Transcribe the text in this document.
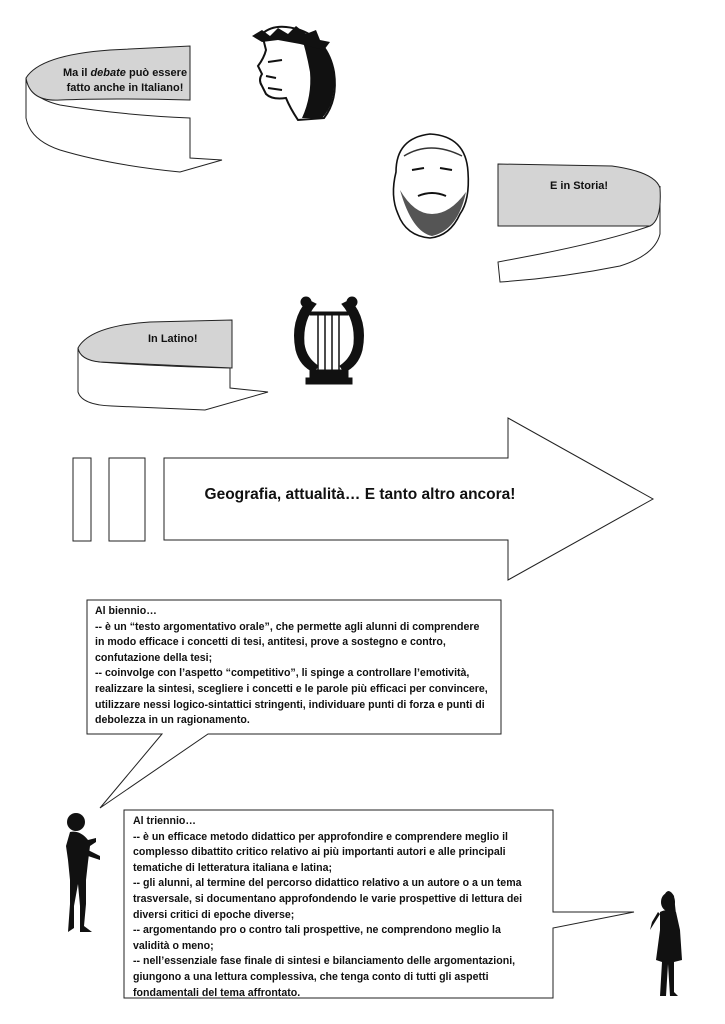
Ma il debate può essere
fatto anche in Italiano!
E in Storia!
In Latino!
Geografia, attualità… E tanto altro ancora!
Al biennio…
-- è un “testo argomentativo orale”, che permette agli alunni di comprendere
in modo efficace i concetti di tesi, antitesi, prove a sostegno e contro,
confutazione della tesi;
-- coinvolge con l’aspetto “competitivo”, li spinge a controllare l’emotività,
realizzare la sintesi, scegliere i concetti e le parole più efficaci per convincere,
utilizzare nessi logico-sintattici stringenti, individuare punti di forza e punti di
debolezza in un ragionamento.
Al triennio…
-- è un efficace metodo didattico per approfondire e comprendere meglio il
complesso dibattito critico relativo ai più importanti autori e alle principali
tematiche di letteratura italiana e latina;
-- gli alunni, al termine del percorso didattico relativo a un autore o a un tema
trasversale, si documentano approfondendo le varie prospettive di lettura dei
diversi critici di epoche diverse;
-- argomentando pro o contro tali prospettive, ne comprendono meglio la
validità o meno;
-- nell’essenziale fase finale di sintesi e bilanciamento delle argomentazioni,
giungono a una lettura complessiva, che tenga conto di tutti gli aspetti
fondamentali del tema affrontato.
